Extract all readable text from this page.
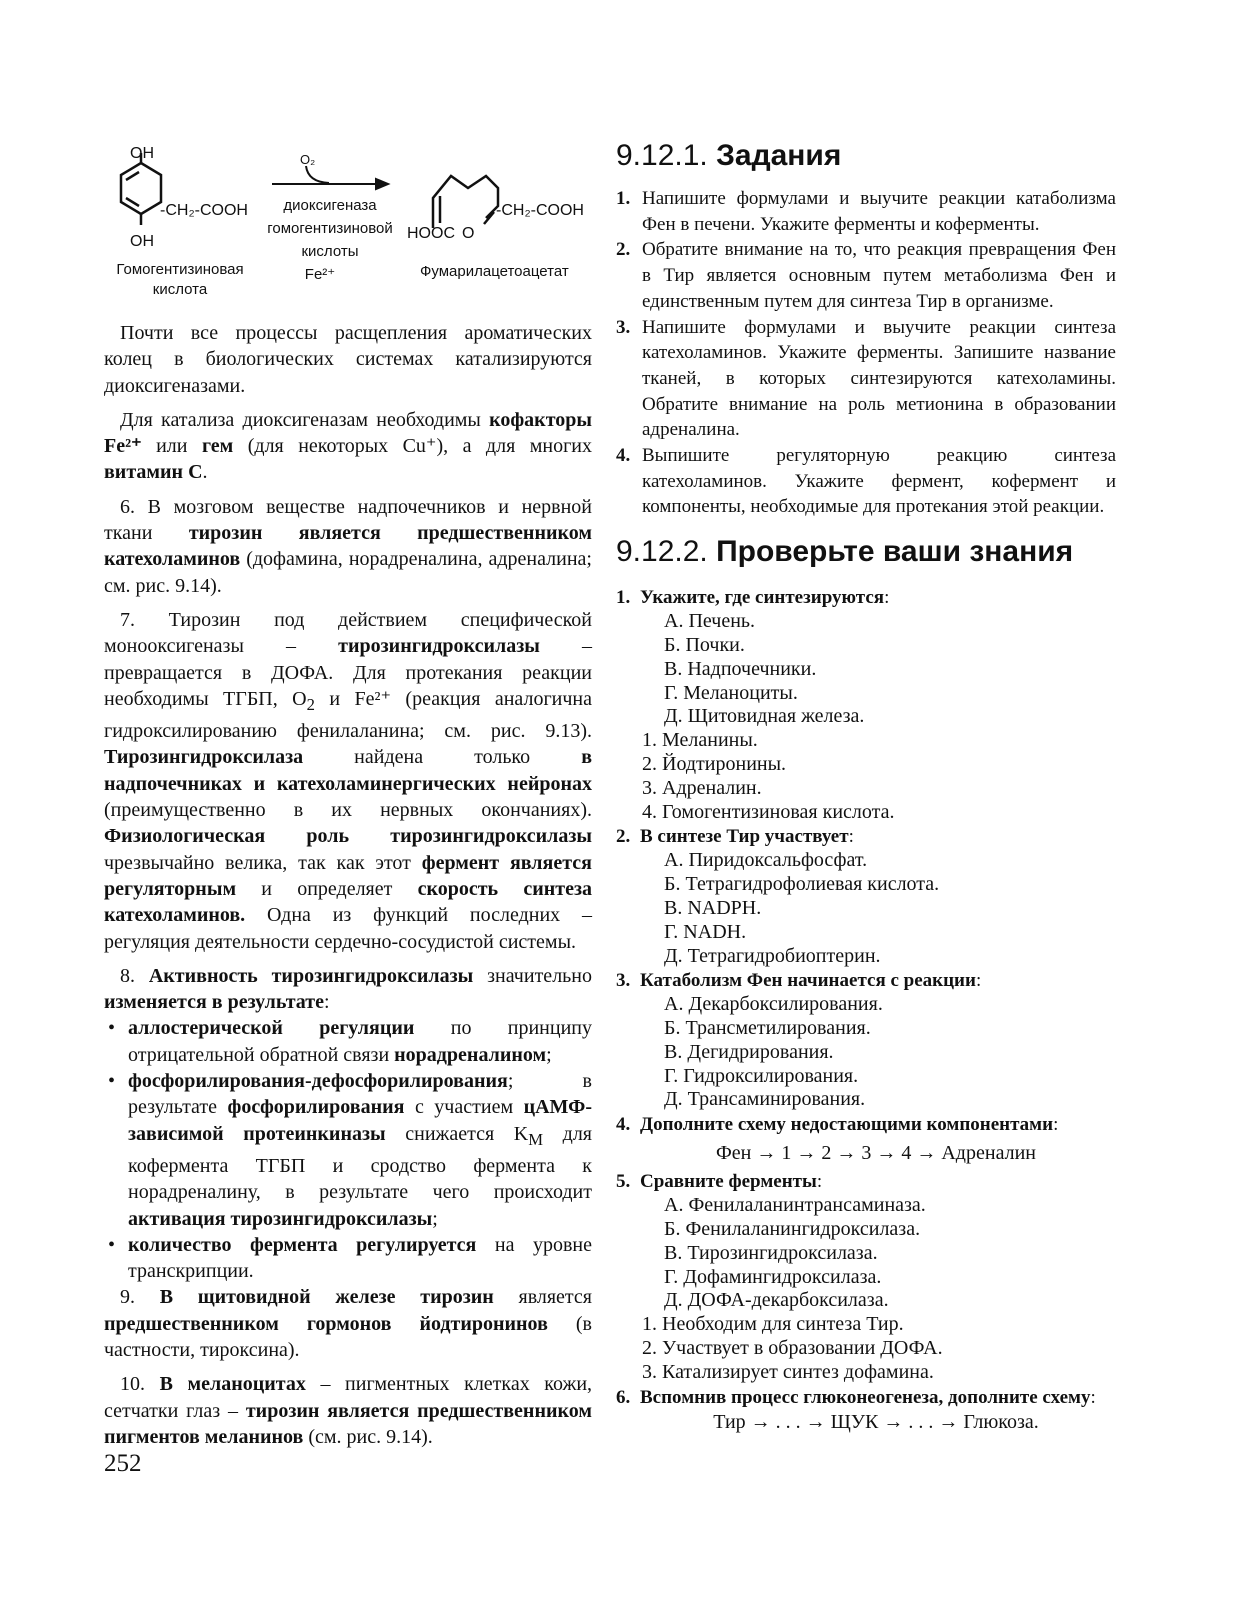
OH
OH
-CH₂-COOH
O₂
диоксигеназа
гомогентизиновой
кислоты
Fe²⁺
HOOC O
-CH₂-COOH
Гомогентизиновая
кислота
Фумарилацетоацетат

Почти все процессы расщепления ароматических колец в биологических системах катализируются диоксигеназами.

Для катализа диоксигеназам необходимы кофакторы Fe²⁺ или гем (для некоторых Cu⁺), а для многих витамин С.

6. В мозговом веществе надпочечников и нервной ткани тирозин является предшественником катехоламинов (дофамина, норадреналина, адреналина; см. рис. 9.14).

7. Тирозин под действием специфической монооксигеназы – тирозингидроксилазы – превращается в ДОФА. Для протекания реакции необходимы ТГБП, $O_2$ и Fe²⁺ (реакция аналогична гидроксилированию фенилаланина; см. рис. 9.13). Тирозингидроксилаза найдена только в надпочечниках и катехоламинергических нейронах (преимущественно в их нервных окончаниях). Физиологическая роль тирозингидроксилазы чрезвычайно велика, так как этот фермент является регуляторным и определяет скорость синтеза катехоламинов. Одна из функций последних – регуляция деятельности сердечно-сосудистой системы.

8. Активность тирозингидроксилазы значительно изменяется в результате:

• аллостерической регуляции по принципу отрицательной обратной связи норадреналином;
• фосфорилирования-дефосфорилирования; в результате фосфорилирования с участием цАМФ-зависимой протеинкиназы снижается $K_M$ для кофермента ТГБП и сродство фермента к норадреналину, в результате чего происходит активация тирозингидроксилазы;
• количество фермента регулируется на уровне транскрипции.

9. В щитовидной железе тирозин является предшественником гормонов йодтиронинов (в частности, тироксина).

10. В меланоцитах – пигментных клетках кожи, сетчатки глаз – тирозин является предшественником пигментов меланинов (см. рис. 9.14).

9.12.1. Задания
1. Напишите формулами и выучите реакции катаболизма Фен в печени. Укажите ферменты и коферменты.
2. Обратите внимание на то, что реакция превращения Фен в Тир является основным путем метаболизма Фен и единственным путем для синтеза Тир в организме.
3. Напишите формулами и выучите реакции синтеза катехоламинов. Укажите ферменты. Запишите название тканей, в которых синтезируются катехоламины. Обратите внимание на роль метионина в образовании адреналина.
4. Выпишите регуляторную реакцию синтеза катехоламинов. Укажите фермент, кофермент и компоненты, необходимые для протекания этой реакции.
9.12.2. Проверьте ваши знания
1. Укажите, где синтезируются:
А. Печень.
Б. Почки.
В. Надпочечники.
Г. Меланоциты.
Д. Щитовидная железа.
1. Меланины.
2. Йодтиронины.
3. Адреналин.
4. Гомогентизиновая кислота.
2. В синтезе Тир участвует:
А. Пиридоксальфосфат.
Б. Тетрагидрофолиевая кислота.
В. NADPH.
Г. NADH.
Д. Тетрагидробиоптерин.
3. Катаболизм Фен начинается с реакции:
А. Декарбоксилирования.
Б. Трансметилирования.
В. Дегидрирования.
Г. Гидроксилирования.
Д. Трансаминирования.
4. Дополните схему недостающими компонентами:
Фен → 1 → 2 → 3 → 4 → Адреналин
5. Сравните ферменты:
А. Фенилаланинтрансаминаза.
Б. Фенилаланингидроксилаза.
В. Тирозингидроксилаза.
Г. Дофамингидроксилаза.
Д. ДОФА-декарбоксилаза.
1. Необходим для синтеза Тир.
2. Участвует в образовании ДОФА.
3. Катализирует синтез дофамина.
6. Вспомнив процесс глюконеогенеза, дополните схему:
Тир → . . . → ЩУК → . . . → Глюкоза.
252
